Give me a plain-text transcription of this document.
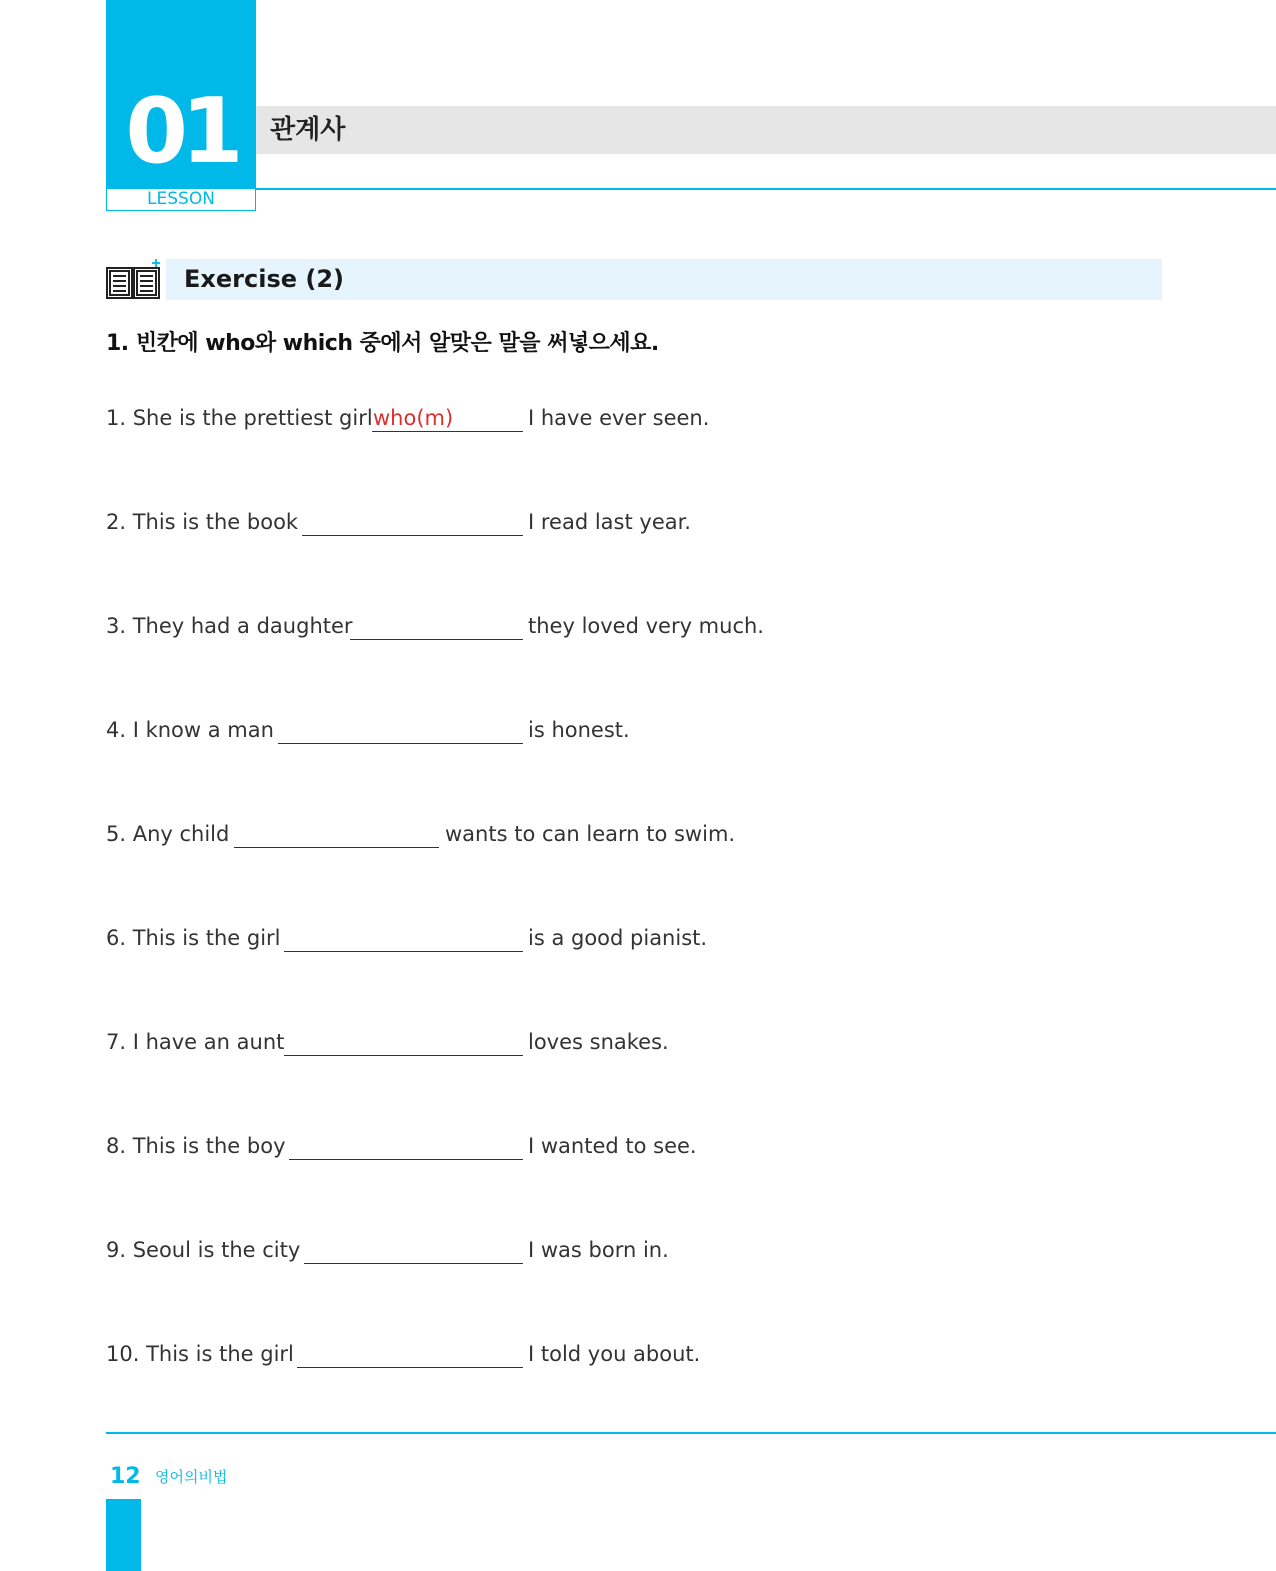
01
LESSON
관계사
Exercise (2)
1. 빈칸에 who와 which 중에서 알맞은 말을 써넣으세요.
1. She is the prettiest girl who(m)	I have ever seen.
2. This is the book	I read last year.
3. They had a daughter	they loved very much.
4. I know a man	is honest.
5. Any child	wants to can learn to swim.
6. This is the girl	is a good pianist.
7. I have an aunt	loves snakes.
8. This is the boy	I wanted to see.
9. Seoul is the city	I was born in.
10. This is the girl	I told you about.
12 영어의비법
